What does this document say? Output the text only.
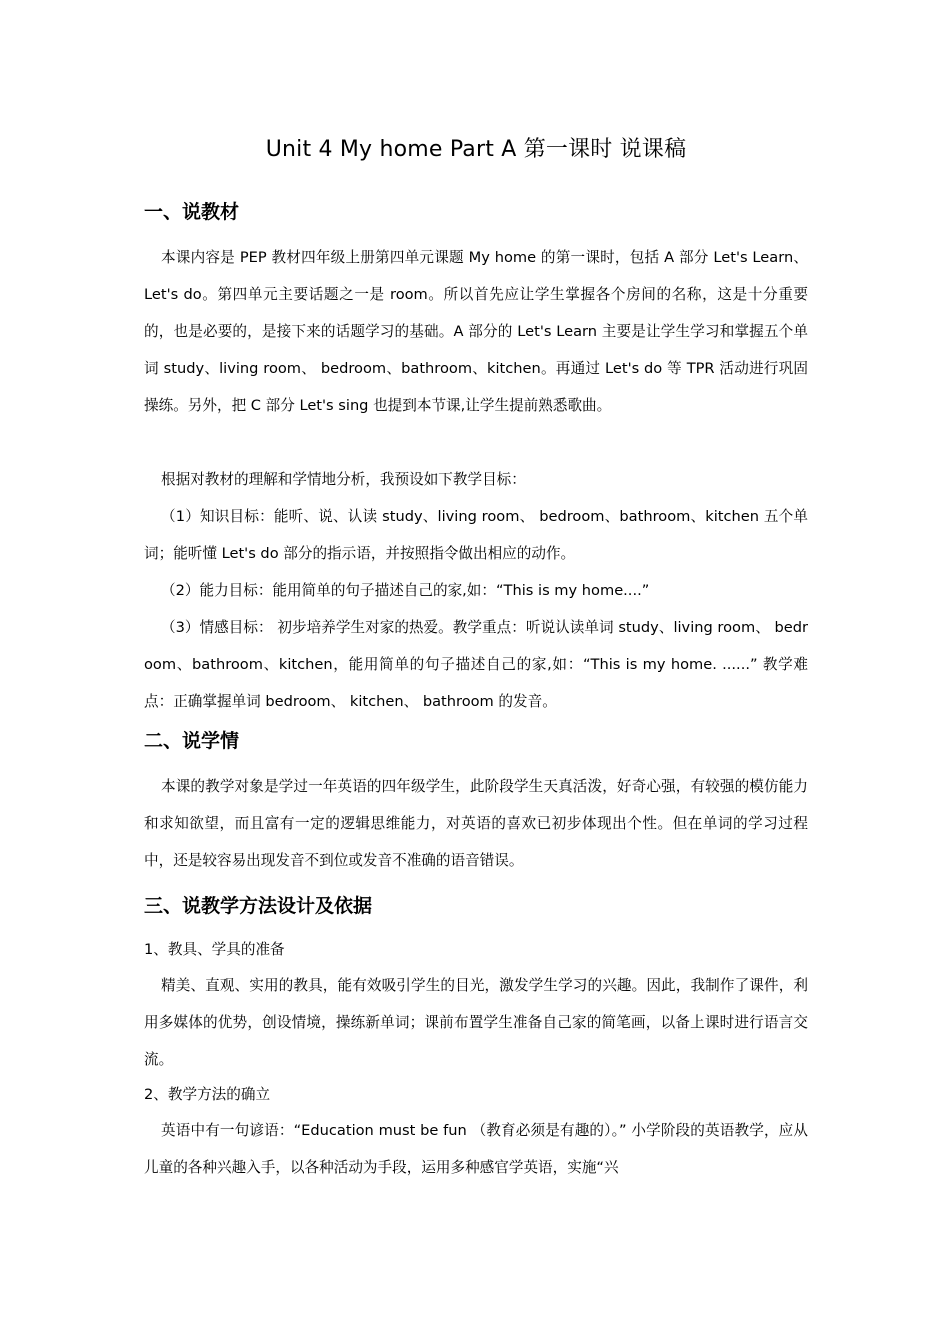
Unit 4 My home Part A 第一课时 说课稿
一、说教材

本课内容是 PEP 教材四年级上册第四单元课题 My home 的第一课时，包括 A 部分 Let's Learn、 Let's do。第四单元主要话题之一是 room。所以首先应让学生掌握各个房间的名称，这是十分重要的，也是必要的，是接下来的话题学习的基础。A 部分的 Let's Learn 主要是让学生学习和掌握五个单词 study、living room、 bedroom、bathroom、kitchen。再通过 Let's do 等 TPR 活动进行巩固操练。另外，把 C 部分 Let's sing 也提到本节课,让学生提前熟悉歌曲。

根据对教材的理解和学情地分析，我预设如下教学目标：

（1）知识目标：能听、说、认读 study、living room、 bedroom、bathroom、kitchen 五个单词；能听懂 Let's do 部分的指示语，并按照指令做出相应的动作。

（2）能力目标：能用简单的句子描述自己的家,如：“This is my home....”

（3）情感目标： 初步培养学生对家的热爱。教学重点：听说认读单词 study、living room、 bedroom、bathroom、kitchen，能用简单的句子描述自己的家,如：“This is my home. ......” 教学难点：正确掌握单词 bedroom、 kitchen、 bathroom 的发音。

二、说学情

本课的教学对象是学过一年英语的四年级学生，此阶段学生天真活泼，好奇心强，有较强的模仿能力和求知欲望，而且富有一定的逻辑思维能力，对英语的喜欢已初步体现出个性。但在单词的学习过程中，还是较容易出现发音不到位或发音不准确的语音错误。

三、说教学方法设计及依据
1、教具、学具的准备

精美、直观、实用的教具，能有效吸引学生的目光，激发学生学习的兴趣。因此，我制作了课件，利用多媒体的优势，创设情境，操练新单词；课前布置学生准备自己家的简笔画，以备上课时进行语言交流。

2、教学方法的确立

英语中有一句谚语：“Education must be fun （教育必须是有趣的）。” 小学阶段的英语教学，应从儿童的各种兴趣入手，以各种活动为手段，运用多种感官学英语，实施“兴
